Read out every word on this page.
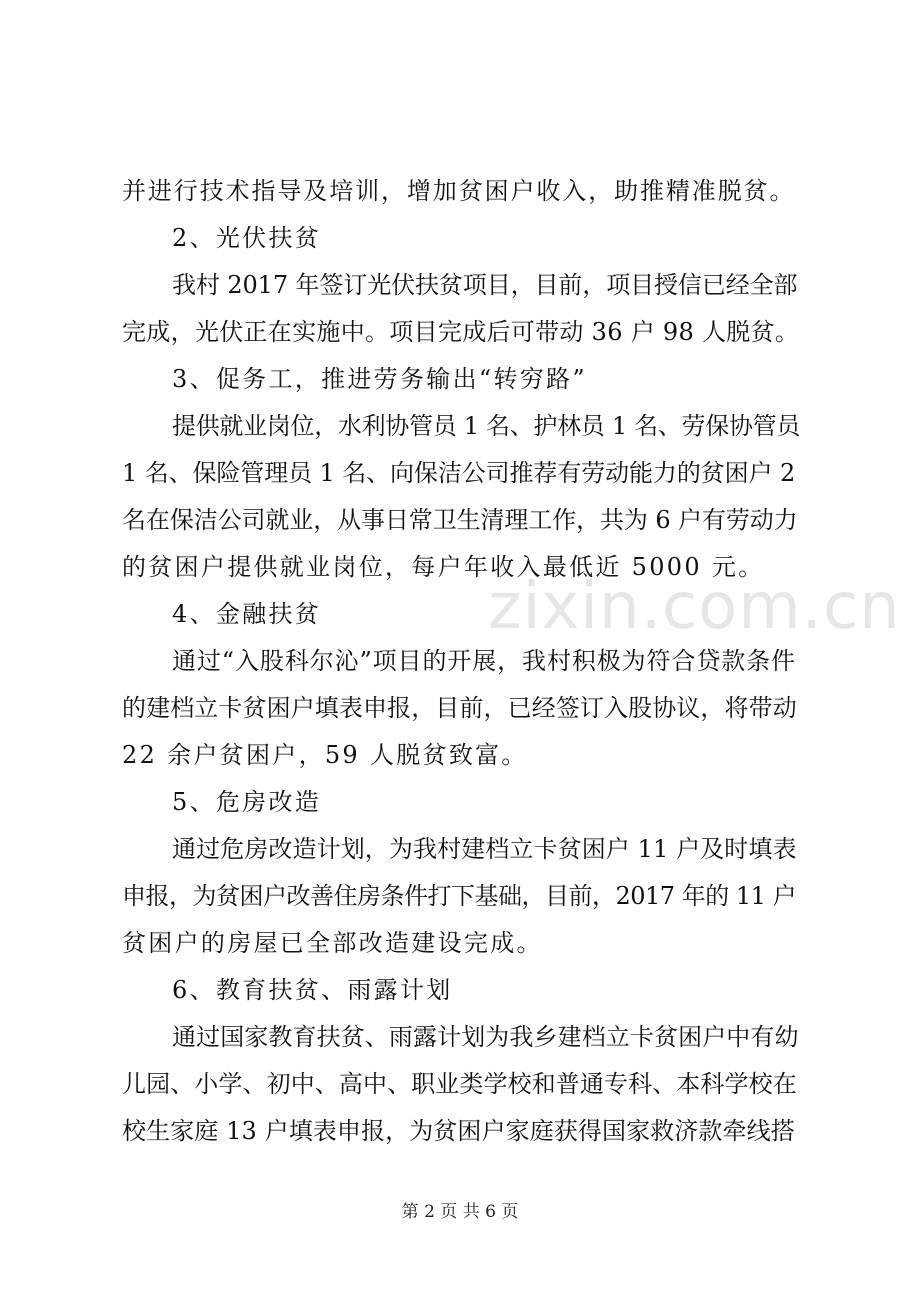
zixin.com.cn
并进行技术指导及培训，增加贫困户收入，助推精准脱贫。
2、光伏扶贫
我村 2017 年签订光伏扶贫项目，目前，项目授信已经全部
完成，光伏正在实施中。项目完成后可带动 36 户 98 人脱贫。
3、促务工，推进劳务输出“转穷路”
提供就业岗位，水利协管员 1 名、护林员 1 名、劳保协管员
1 名、保险管理员 1 名、向保洁公司推荐有劳动能力的贫困户 2
名在保洁公司就业，从事日常卫生清理工作，共为 6 户有劳动力
的贫困户提供就业岗位，每户年收入最低近 5000 元。
4、金融扶贫
通过“入股科尔沁”项目的开展，我村积极为符合贷款条件
的建档立卡贫困户填表申报，目前，已经签订入股协议，将带动
22 余户贫困户，59 人脱贫致富。
5、危房改造
通过危房改造计划，为我村建档立卡贫困户 11 户及时填表
申报，为贫困户改善住房条件打下基础，目前，2017 年的 11 户
贫困户的房屋已全部改造建设完成。
6、教育扶贫、雨露计划
通过国家教育扶贫、雨露计划为我乡建档立卡贫困户中有幼
儿园、小学、初中、高中、职业类学校和普通专科、本科学校在
校生家庭 13 户填表申报，为贫困户家庭获得国家救济款牵线搭
第 2 页 共 6 页
